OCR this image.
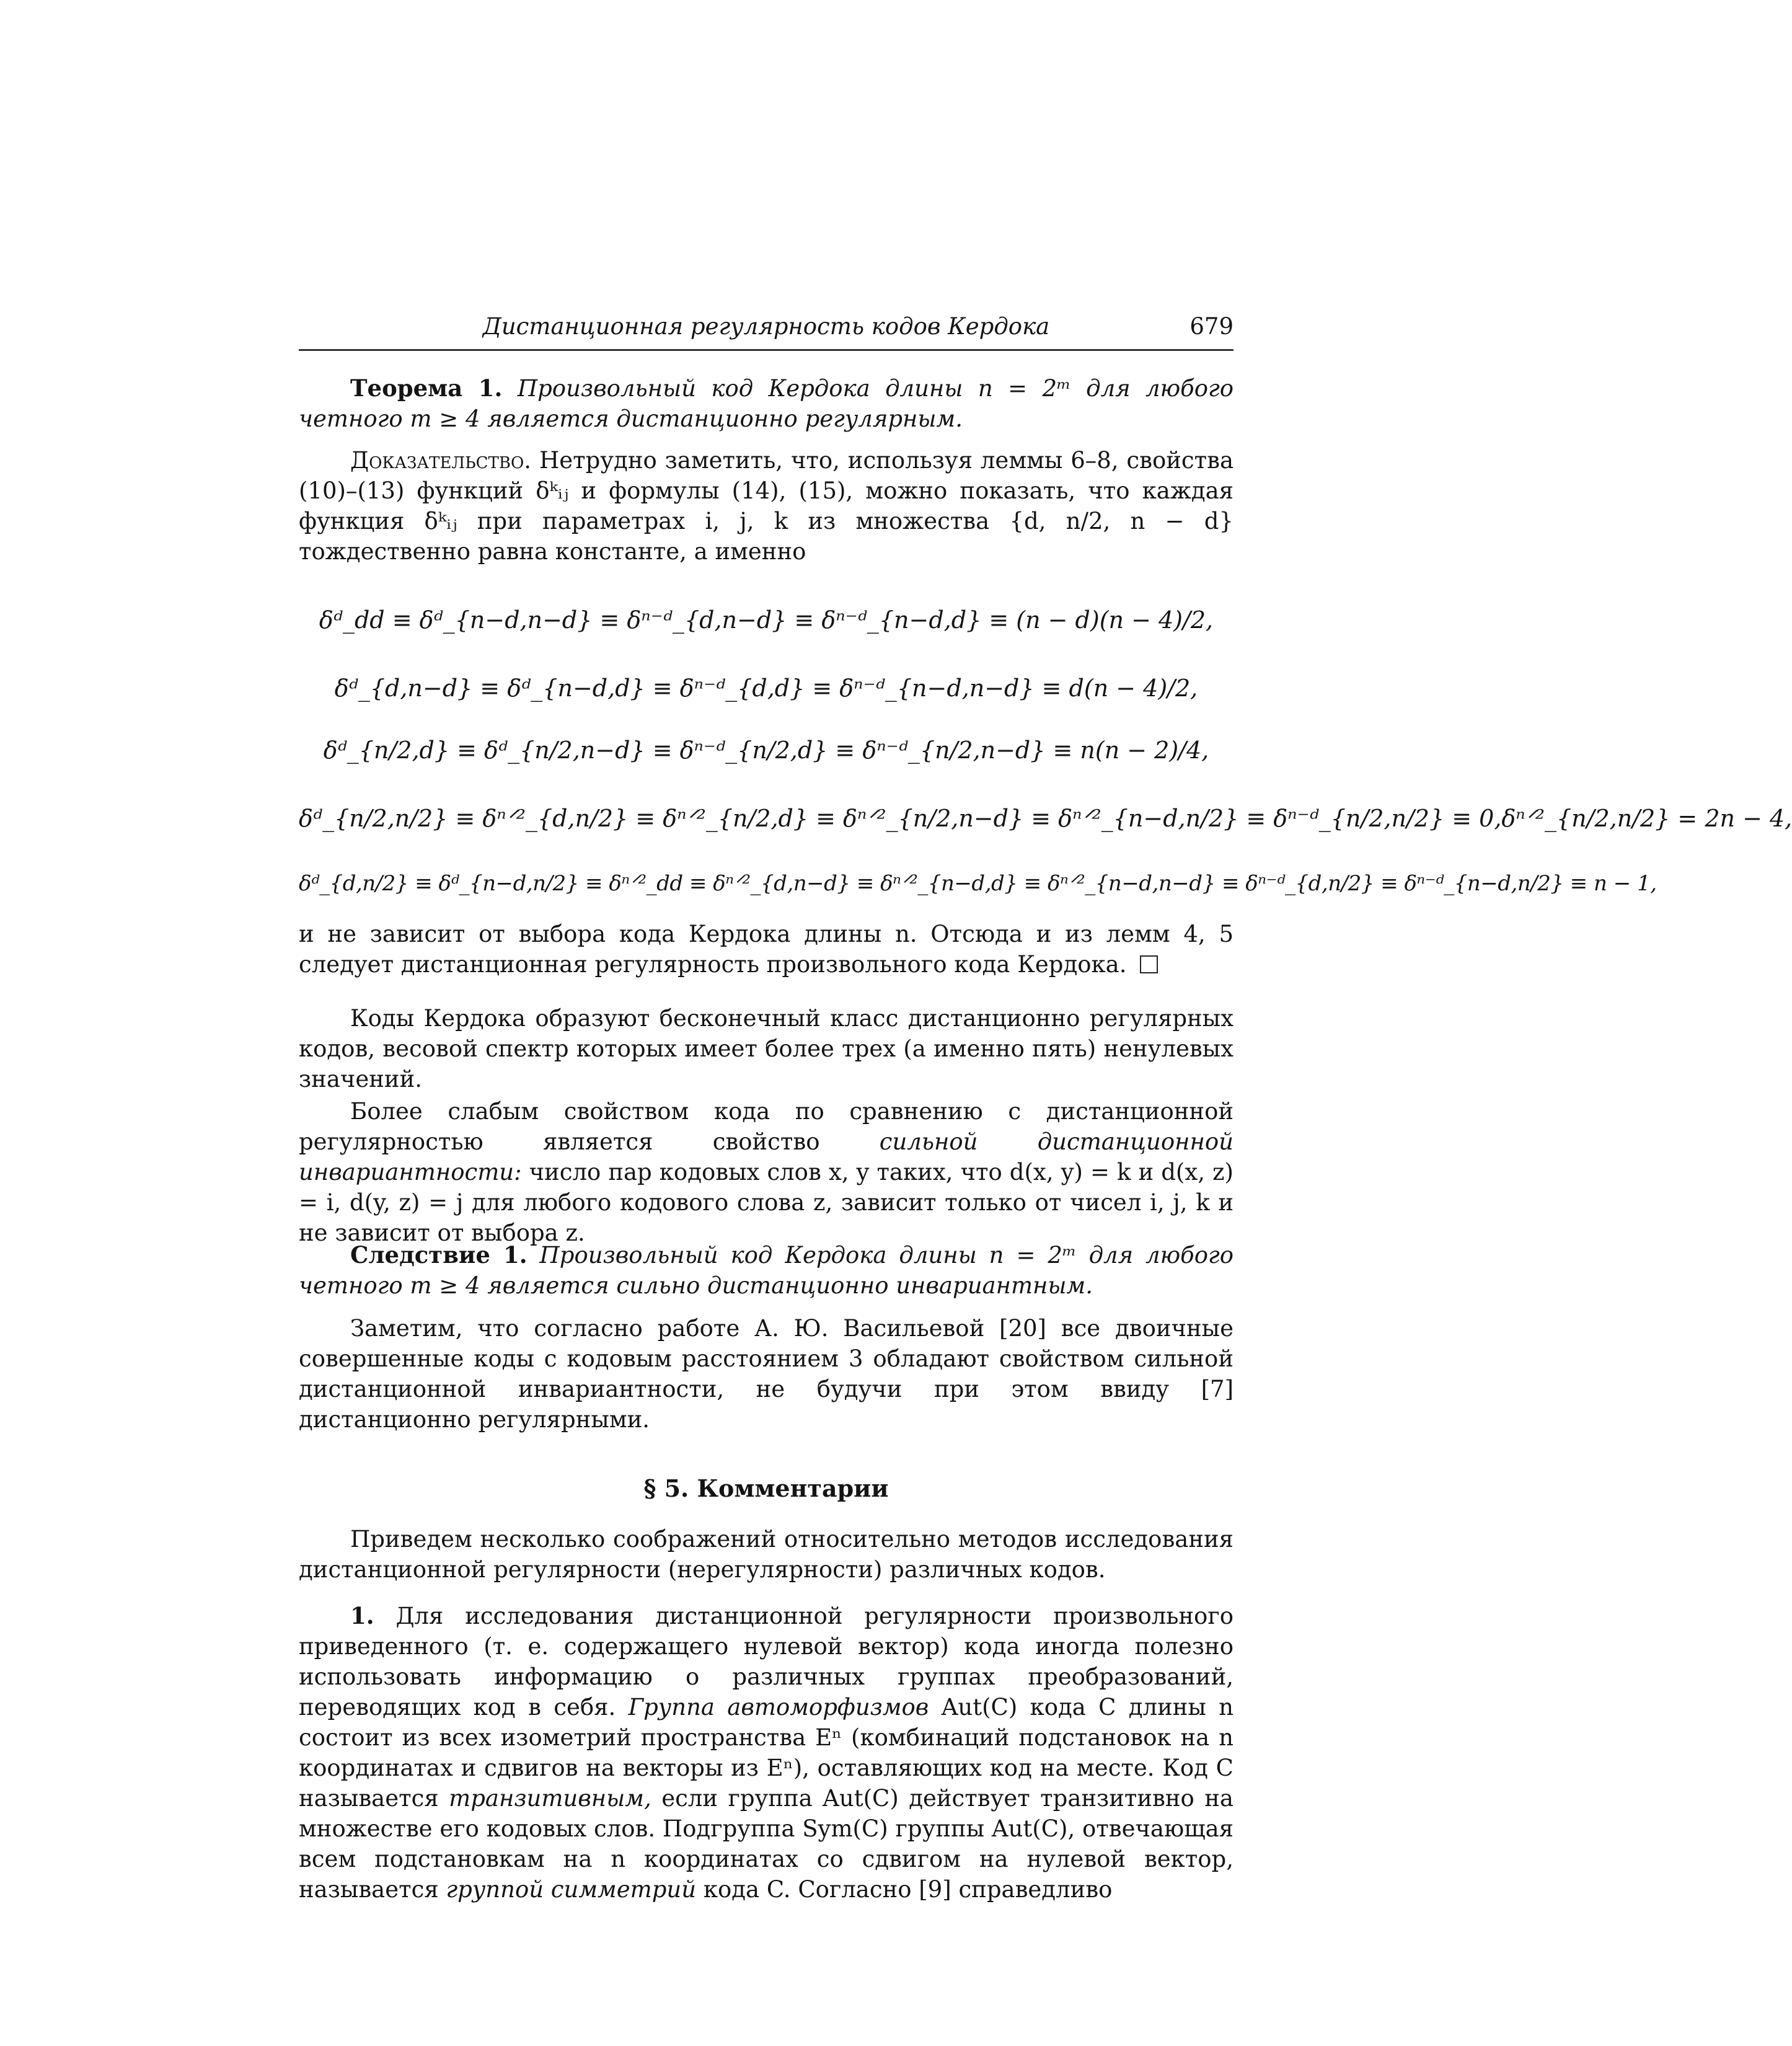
Дистанционная регулярность кодов Кердока	679

Теорема 1. Произвольный код Кердока длины n = 2ᵐ для любого четного m ≥ 4 является дистанционно регулярным.

Доказательство. Нетрудно заметить, что, используя леммы 6–8, свойства (10)–(13) функций δᵏᵢⱼ и формулы (14), (15), можно показать, что каждая функция δᵏᵢⱼ при параметрах i, j, k из множества {d, n/2, n − d} тождественно равна константе, а именно

δᵈ_dd ≡ δᵈ_{n−d,n−d} ≡ δⁿ⁻ᵈ_{d,n−d} ≡ δⁿ⁻ᵈ_{n−d,d} ≡ (n − d)(n − 4)/2,
δᵈ_{d,n−d} ≡ δᵈ_{n−d,d} ≡ δⁿ⁻ᵈ_{d,d} ≡ δⁿ⁻ᵈ_{n−d,n−d} ≡ d(n − 4)/2,
δᵈ_{n/2,d} ≡ δᵈ_{n/2,n−d} ≡ δⁿ⁻ᵈ_{n/2,d} ≡ δⁿ⁻ᵈ_{n/2,n−d} ≡ n(n − 2)/4,
δᵈ_{n/2,n/2} ≡ δⁿᐟ²_{d,n/2} ≡ δⁿᐟ²_{n/2,d} ≡ δⁿᐟ²_{n/2,n−d} ≡ δⁿᐟ²_{n−d,n/2} ≡ δⁿ⁻ᵈ_{n/2,n/2} ≡ 0, δⁿᐟ²_{n/2,n/2} = 2n − 4,
δᵈ_{d,n/2} ≡ δᵈ_{n−d,n/2} ≡ δⁿᐟ²_dd ≡ δⁿᐟ²_{d,n−d} ≡ δⁿᐟ²_{n−d,d} ≡ δⁿᐟ²_{n−d,n−d} ≡ δⁿ⁻ᵈ_{d,n/2} ≡ δⁿ⁻ᵈ_{n−d,n/2} ≡ n − 1,

и не зависит от выбора кода Кердока длины n. Отсюда и из лемм 4, 5 следует дистанционная регулярность произвольного кода Кердока.

Коды Кердока образуют бесконечный класс дистанционно регулярных кодов, весовой спектр которых имеет более трех (а именно пять) ненулевых значений.

Более слабым свойством кода по сравнению с дистанционной регулярностью является свойство	сильной дистанционной инвариантности: число пар кодовых слов x, y таких, что d(x, y) = k и d(x, z) = i, d(y, z) = j для любого кодового слова z, зависит только от чисел i, j, k и не зависит от выбора z.

Следствие 1. Произвольный код Кердока длины n = 2ᵐ для любого четного m ≥ 4 является сильно дистанционно инвариантным.

Заметим, что согласно работе А. Ю. Васильевой [20] все двоичные совершенные коды с кодовым расстоянием 3 обладают свойством сильной дистанционной инвариантности, не будучи при этом ввиду [7] дистанционно регулярными.

§ 5. Комментарии

Приведем несколько соображений относительно методов исследования дистанционной регулярности (нерегулярности) различных кодов.

1. Для исследования дистанционной регулярности произвольного приведенного (т. е. содержащего нулевой вектор) кода иногда полезно использовать информацию о различных группах преобразований, переводящих код в себя. Группа автоморфизмов Aut(C) кода C длины n состоит из всех изометрий пространства Eⁿ (комбинаций подстановок на n координатах и сдвигов на векторы из Eⁿ), оставляющих код на месте. Код C называется транзитивным, если группа Aut(C) действует транзитивно на множестве его кодовых слов. Подгруппа Sym(C) группы Aut(C), отвечающая всем подстановкам на n координатах со сдвигом на нулевой вектор, называется группой симметрий кода C. Согласно [9] справедливо
